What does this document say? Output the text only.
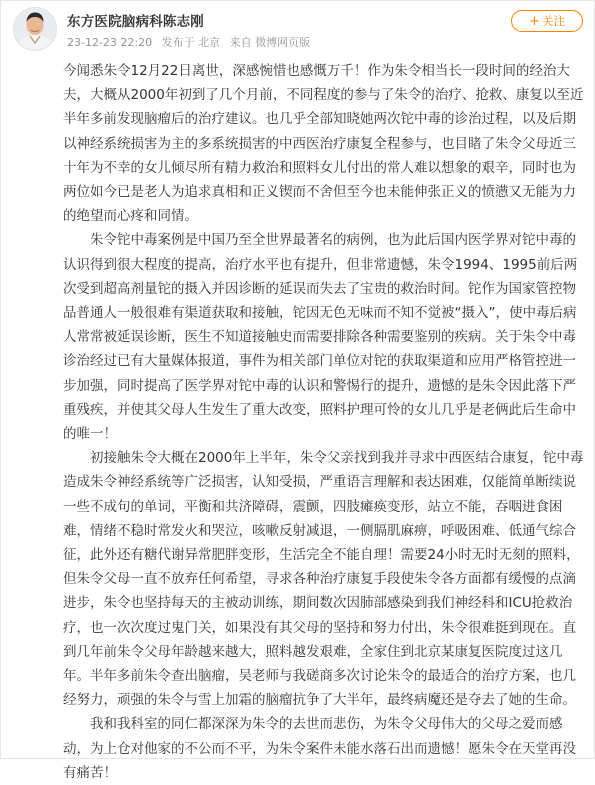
东方医院脑病科陈志刚
23-12-23 22:20 发布于 北京 来自 微博网页版
+ 关注

今闻悉朱令12月22日离世，深感惋惜也感慨万千！作为朱令相当长一段时间的经治大夫，大概从2000年初到了几个月前，不同程度的参与了朱令的治疗、抢救、康复以至近半年多前发现脑瘤后的治疗建议。也几乎全部知晓她两次铊中毒的诊治过程，以及后期以神经系统损害为主的多系统损害的中西医治疗康复全程参与，也目睹了朱令父母近三十年为不幸的女儿倾尽所有精力救治和照料女儿付出的常人难以想象的艰辛，同时也为两位如今已是老人为追求真相和正义锲而不舍但至今也未能伸张正义的愤懑又无能为力的绝望而心疼和同情。

朱令铊中毒案例是中国乃至全世界最著名的病例，也为此后国内医学界对铊中毒的认识得到很大程度的提高，治疗水平也有提升，但非常遗憾，朱令1994、1995前后两次受到超高剂量铊的摄入并因诊断的延误而失去了宝贵的救治时间。铊作为国家管控物品普通人一般很难有渠道获取和接触，铊因无色无味而不知不觉被“摄入”，使中毒后病人常常被延误诊断，医生不知道接触史而需要排除各种需要鉴别的疾病。关于朱令中毒诊治经过已有大量媒体报道，事件为相关部门单位对铊的获取渠道和应用严格管控进一步加强，同时提高了医学界对铊中毒的认识和警惕行的提升，遗憾的是朱令因此落下严重残疾，并使其父母人生发生了重大改变，照料护理可怜的女儿几乎是老俩此后生命中的唯一！

初接触朱令大概在2000年上半年，朱令父亲找到我并寻求中西医结合康复，铊中毒造成朱令神经系统等广泛损害，认知受损，严重语言理解和表达困难，仅能简单断续说一些不成句的单词，平衡和共济障碍，震颤，四肢瘫痪变形，站立不能，吞咽进食困难，情绪不稳时常发火和哭泣，咳嗽反射减退，一侧膈肌麻痹，呼吸困难、低通气综合征，此外还有糖代谢异常肥胖变形，生活完全不能自理！需要24小时无时无刻的照料，但朱令父母一直不放弃任何希望，寻求各种治疗康复手段使朱令各方面都有缓慢的点滴进步，朱令也坚持每天的主被动训练，期间数次因肺部感染到我们神经科和ICU抢救治疗，也一次次度过鬼门关，如果没有其父母的坚持和努力付出，朱令很难挺到现在。直到几年前朱令父母年龄越来越大，照料越发艰难，全家住到北京某康复医院度过这几年。半年多前朱令查出脑瘤，吴老师与我磋商多次讨论朱令的最适合的治疗方案，也几经努力，顽强的朱令与雪上加霜的脑瘤抗争了大半年，最终病魔还是夺去了她的生命。

我和我科室的同仁都深深为朱令的去世而悲伤，为朱令父母伟大的父母之爱而感动，为上仓对他家的不公而不平，为朱令案件未能水落石出而遗憾！愿朱令在天堂再没有痛苦！
